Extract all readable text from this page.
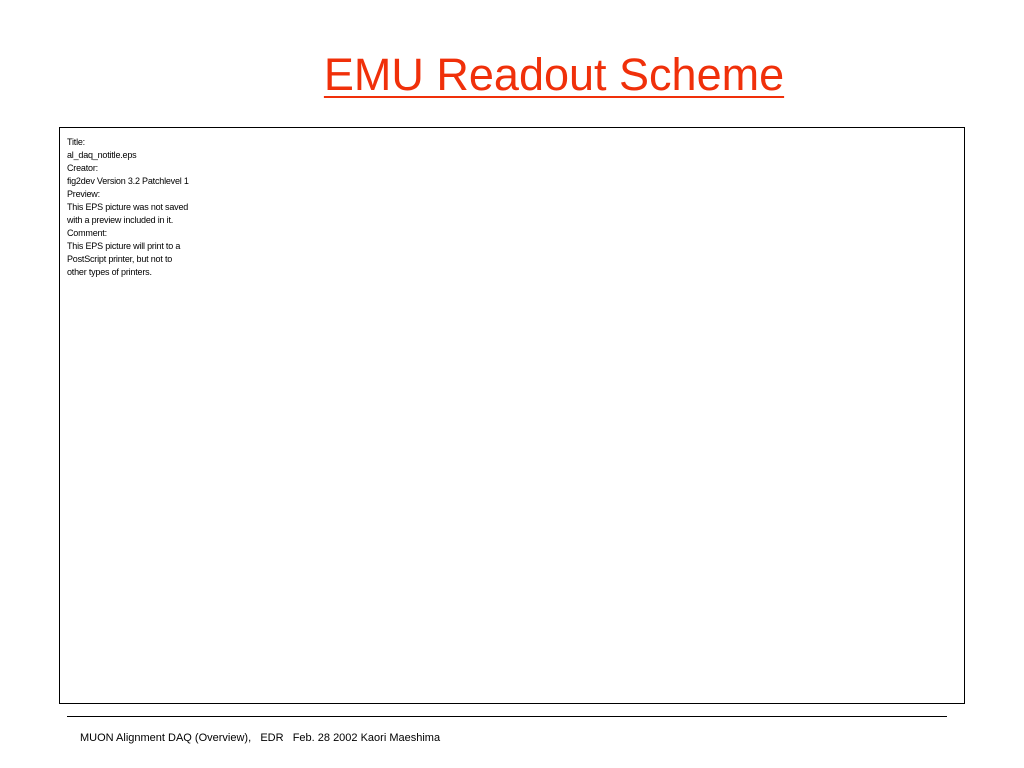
EMU Readout Scheme
Title:
al_daq_notitle.eps
Creator:
fig2dev Version 3.2 Patchlevel 1
Preview:
This EPS picture was not saved
with a preview included in it.
Comment:
This EPS picture will print to a
PostScript printer, but not to
other types of printers.
MUON Alignment DAQ (Overview),   EDR   Feb. 28 2002 Kaori Maeshima
